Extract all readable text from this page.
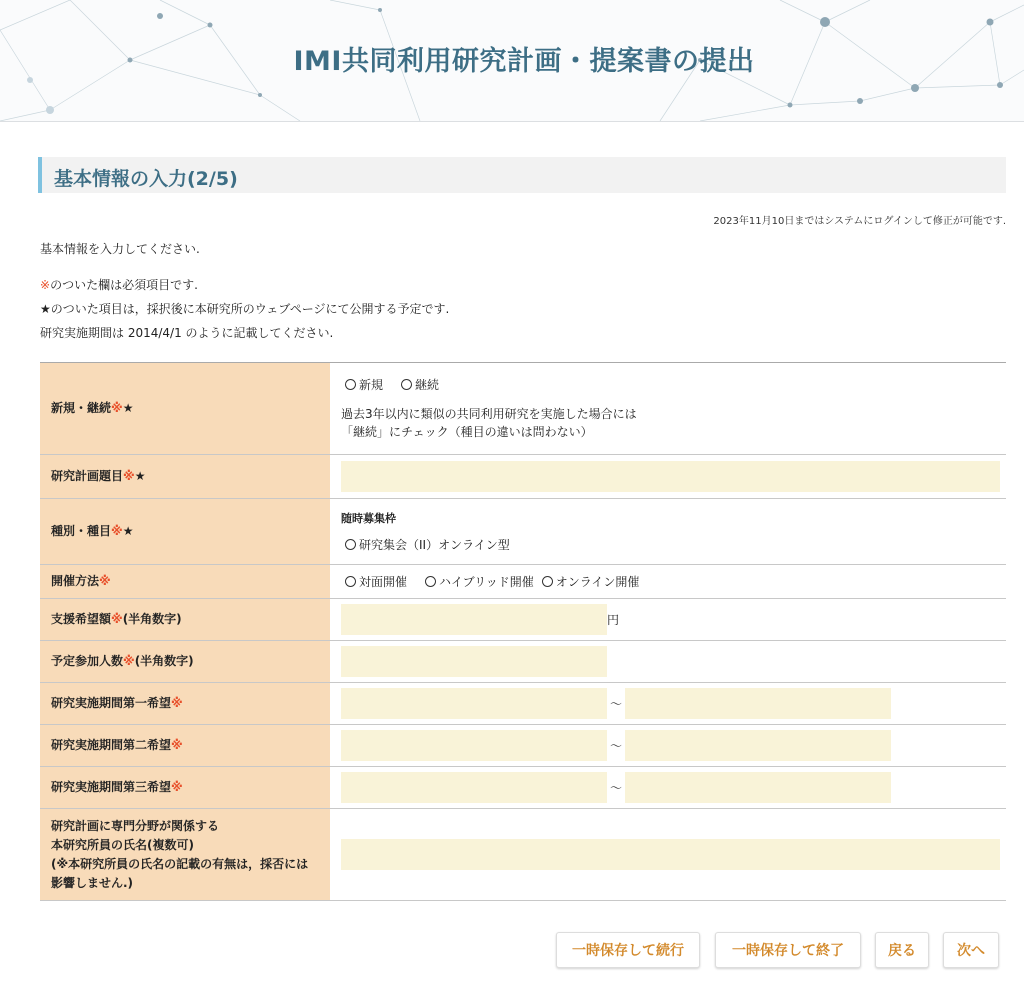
IMI共同利用研究計画・提案書の提出
基本情報の入力(2/5)
2023年11月10日まではシステムにログインして修正が可能です.
基本情報を入力してください.
※のついた欄は必須項目です.
★のついた項目は，採択後に本研究所のウェブページにて公開する予定です.
研究実施期間は 2014/4/1 のように記載してください.
新規・継続※★	新規 継続
過去3年以内に類似の共同利用研究を実施した場合には
「継続」にチェック（種目の違いは問わない）

研究計画題目※★	
種別・種目※★	随時募集枠
研究集会（II）オンライン型

開催方法※	対面開催 ハイブリッド開催 オンライン開催

支援希望額※(半角数字)	円
予定参加人数※(半角数字)	
研究実施期間第一希望※	〜
研究実施期間第二希望※	〜
研究実施期間第三希望※	〜

研究計画に専門分野が関係する
本研究所員の氏名(複数可)
(※本研究所員の氏名の記載の有無は，採否には
影響しません.)

一時保存して続行	一時保存して終了	戻る	次へ
